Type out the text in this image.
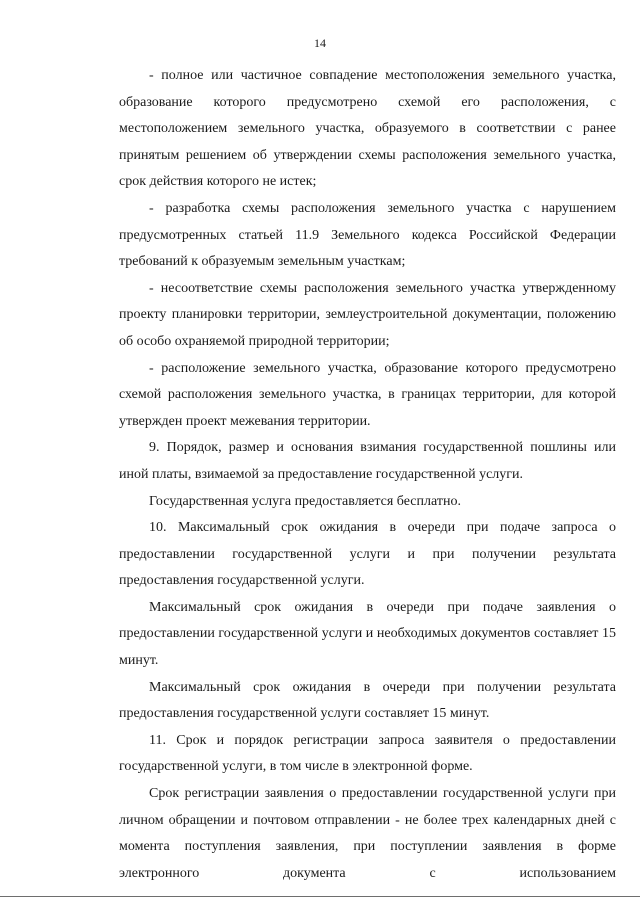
14

- полное или частичное совпадение местоположения земельного участка, образование которого предусмотрено схемой его расположения, с местоположением земельного участка, образуемого в соответствии с ранее принятым решением об утверждении схемы расположения земельного участка, срок действия которого не истек;

- разработка схемы расположения земельного участка с нарушением предусмотренных статьей 11.9 Земельного кодекса Российской Федерации требований к образуемым земельным участкам;

- несоответствие схемы расположения земельного участка утвержденному проекту планировки территории, землеустроительной документации, положению об особо охраняемой природной территории;

- расположение земельного участка, образование которого предусмотрено схемой расположения земельного участка, в границах территории, для которой утвержден проект межевания территории.

9. Порядок, размер и основания взимания государственной пошлины или иной платы, взимаемой за предоставление государственной услуги.

Государственная услуга предоставляется бесплатно.

10. Максимальный срок ожидания в очереди при подаче запроса о предоставлении государственной услуги и при получении результата предоставления государственной услуги.

Максимальный срок ожидания в очереди при подаче заявления о предоставлении государственной услуги и необходимых документов составляет 15 минут.

Максимальный срок ожидания в очереди при получении результата предоставления государственной услуги составляет 15 минут.

11. Срок и порядок регистрации запроса заявителя о предоставлении государственной услуги, в том числе в электронной форме.

Срок регистрации заявления о предоставлении государственной услуги при личном обращении и почтовом отправлении - не более трех календарных дней с момента поступления заявления, при поступлении заявления в форме электронного документа с использованием
